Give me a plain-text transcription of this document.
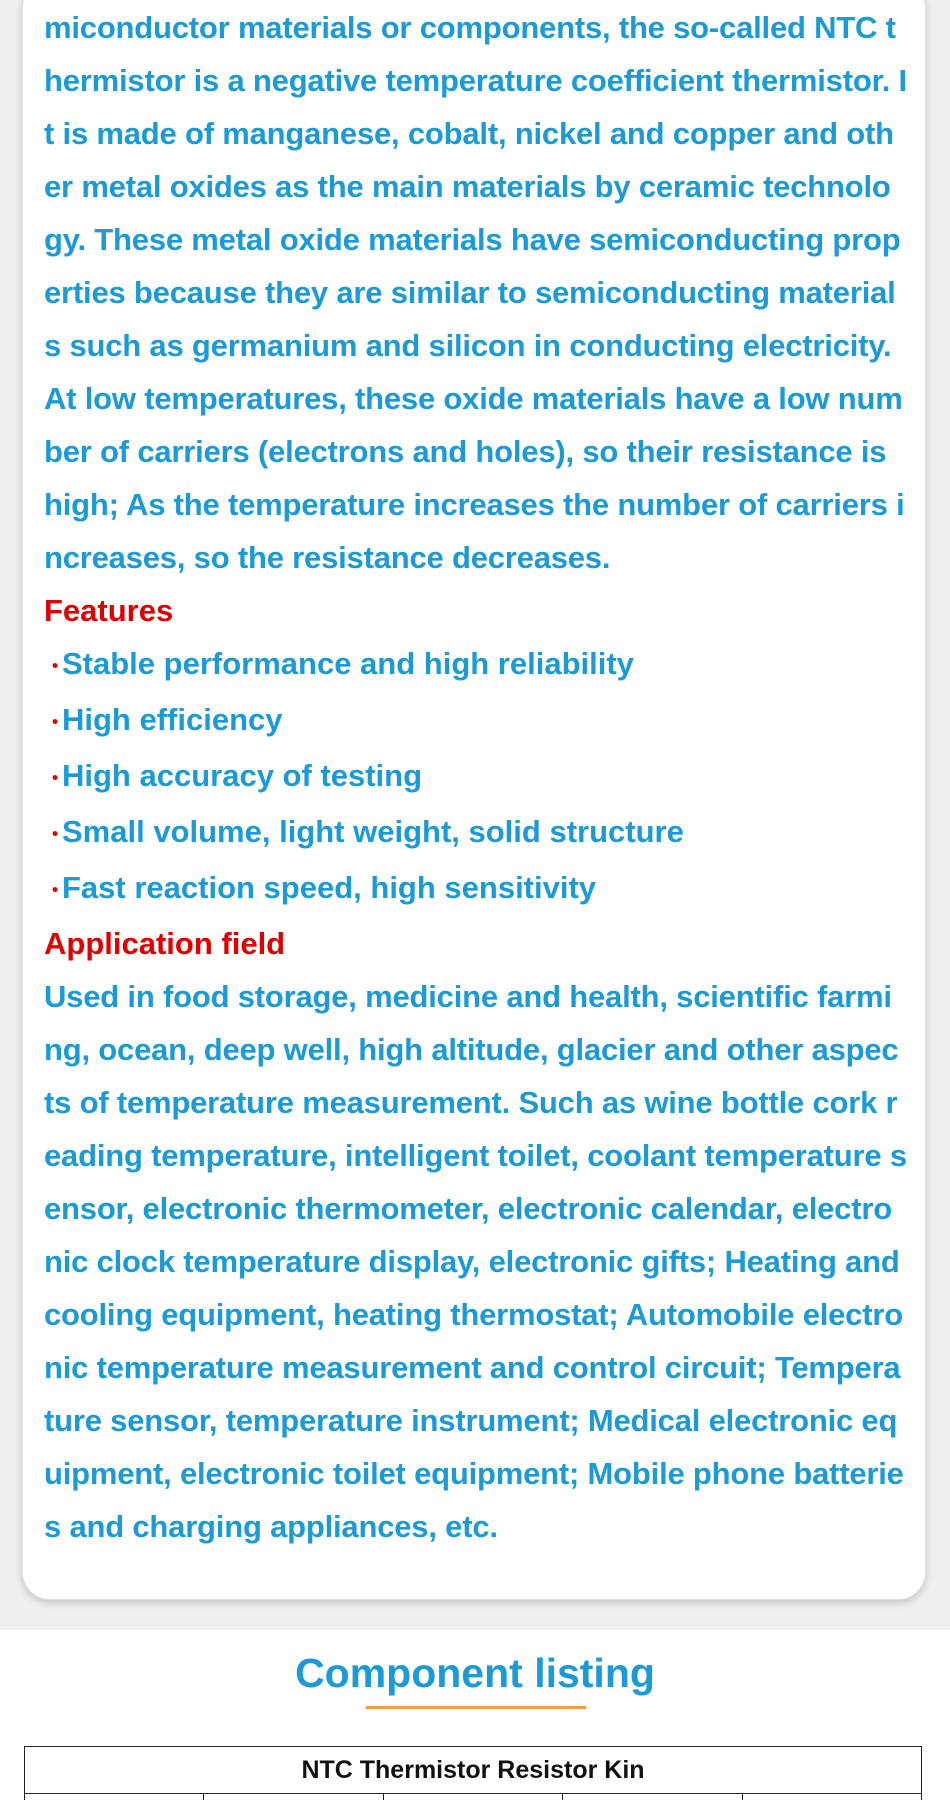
miconductor materials or components, the so-called NTC thermistor is a negative temperature coefficient thermistor. It is made of manganese, cobalt, nickel and copper and other metal oxides as the main materials by ceramic technology. These metal oxide materials have semiconducting properties because they are similar to semiconducting materials such as germanium and silicon in conducting electricity. At low temperatures, these oxide materials have a low number of carriers (electrons and holes), so their resistance is high; As the temperature increases the number of carriers increases, so the resistance decreases.
Features
・
Stable performance and high reliability
・
High efficiency
・
High accuracy of testing
・
Small volume, light weight, solid structure
・
Fast reaction speed, high sensitivity
Application field
Used in food storage, medicine and health, scientific farming, ocean, deep well, high altitude, glacier and other aspects of temperature measurement. Such as wine bottle cork reading temperature, intelligent toilet, coolant temperature sensor, electronic thermometer, electronic calendar, electronic clock temperature display, electronic gifts; Heating and cooling equipment, heating thermostat; Automobile electronic temperature measurement and control circuit; Temperature sensor, temperature instrument; Medical electronic equipment, electronic toilet equipment; Mobile phone batteries and charging appliances, etc.
Component listing
NTC Thermistor Resistor Kin
